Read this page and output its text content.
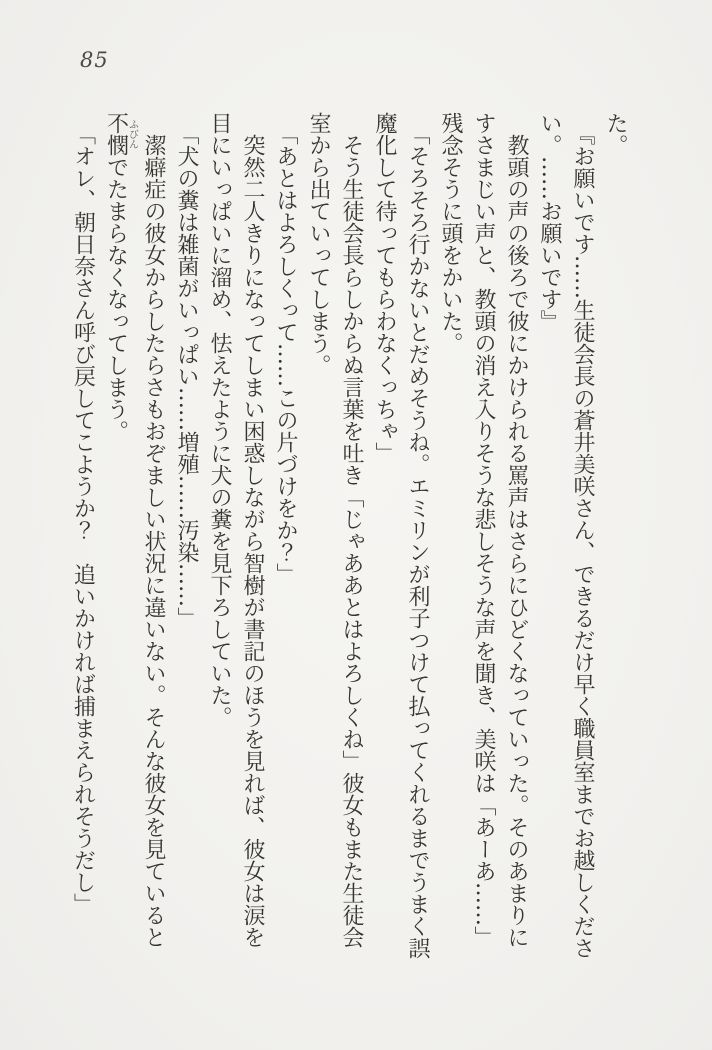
85

た。

『お願いです……生徒会長の蒼井美咲さん、できるだけ早く職員室までお越しくださ

い。……お願いです』

教頭の声の後ろで彼にかけられる罵声はさらにひどくなっていった。そのあまりに

すさまじい声と、教頭の消え入りそうな悲しそうな声を聞き、美咲は「あーあ……」

残念そうに頭をかいた。

「そろそろ行かないとだめそうね。エミリンが利子つけて払ってくれるまでうまく誤

魔化して待ってもらわなくっちゃ」

そう生徒会長らしからぬ言葉を吐き「じゃああとはよろしくね」彼女もまた生徒会

室から出ていってしまう。

「あとはよろしくって……この片づけをか？」

突然二人きりになってしまい困惑しながら智樹が書記のほうを見れば、彼女は涙を

目にいっぱいに溜め、怯えたように犬の糞を見下ろしていた。

「犬の糞は雑菌がいっぱい……増殖……汚染……」

潔癖症の彼女からしたらさもおぞましい状況に違いない。そんな彼女を見ていると

不憫ふびんでたまらなくなってしまう。

「オレ、朝日奈さん呼び戻してこようか？　追いかければ捕まえられそうだし」
